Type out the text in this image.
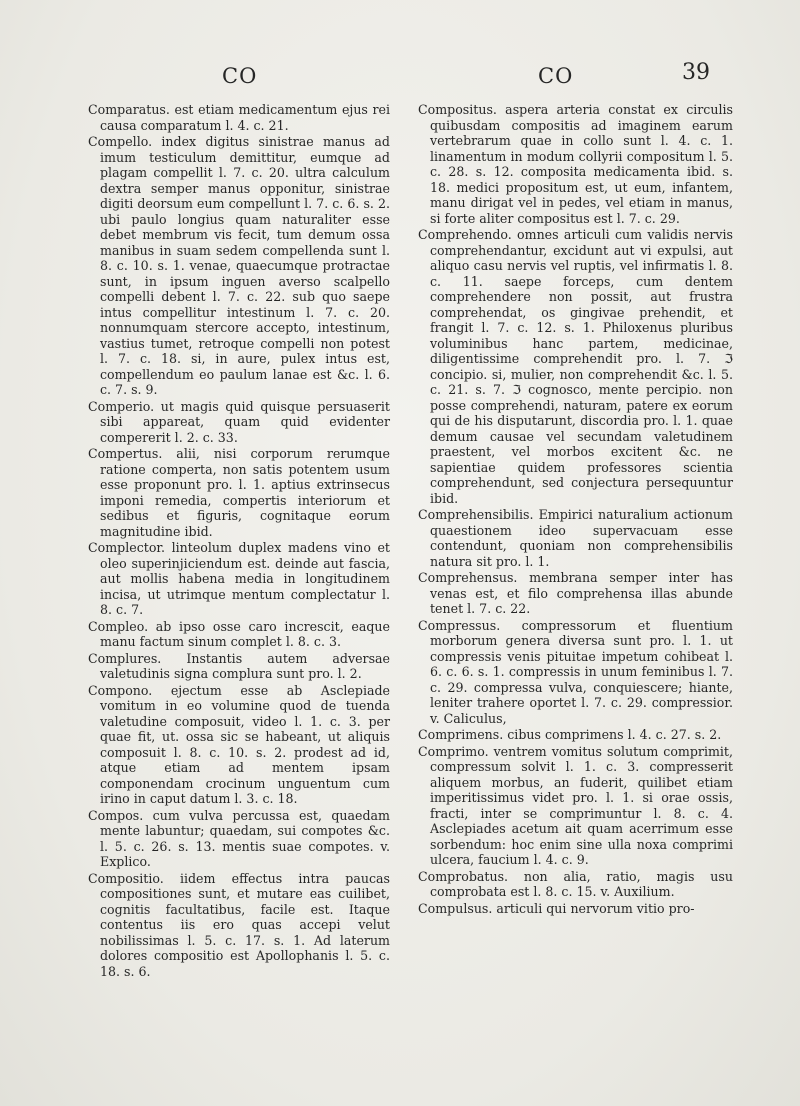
CO	CO	39

Comparatus. est etiam medicamentum ejus rei causa comparatum l. 4. c. 21.

Compello. index digitus sinistrae manus ad imum testiculum demittitur, eumque ad plagam compellit l. 7. c. 20. ultra calculum dextra semper manus opponitur, sinistrae digiti deorsum eum compellunt l. 7. c. 6. s. 2. ubi paulo longius quam naturaliter esse debet membrum vis fecit, tum demum ossa manibus in suam sedem compellenda sunt l. 8. c. 10. s. 1. venae, quaecumque protractae sunt, in ipsum inguen averso scalpello compelli debent l. 7. c. 22. sub quo saepe intus compellitur intestinum l. 7. c. 20. nonnumquam stercore accepto, intestinum, vastius tumet, retroque compelli non potest l. 7. c. 18. si, in aure, pulex intus est, compellendum eo paulum lanae est &c. l. 6. c. 7. s. 9.

Comperio. ut magis quid quisque persuaserit sibi appareat, quam quid evidenter compererit l. 2. c. 33.

Compertus. alii, nisi corporum rerumque ratione comperta, non satis potentem usum esse proponunt pro. l. 1. aptius extrinsecus imponi remedia, compertis interiorum et sedibus et figuris, cognitaque eorum magnitudine ibid.

Complector. linteolum duplex madens vino et oleo superinjiciendum est. deinde aut fascia, aut mollis habena media in longitudinem incisa, ut utrimque mentum complectatur l. 8. c. 7.

Compleo. ab ipso osse caro increscit, eaque manu factum sinum complet l. 8. c. 3.

Complures. Instantis autem adversae valetudinis signa complura sunt pro. l. 2.

Compono. ejectum esse ab Asclepiade vomitum in eo volumine quod de tuenda valetudine composuit, video l. 1. c. 3. per quae fit, ut. ossa sic se habeant, ut aliquis composuit l. 8. c. 10. s. 2. prodest ad id, atque etiam ad mentem ipsam componendam crocinum unguentum cum irino in caput datum l. 3. c. 18.

Compos. cum vulva percussa est, quaedam mente labuntur; quaedam, sui compotes &c. l. 5. c. 26. s. 13. mentis suae compotes. v. Explico.

Compositio. iidem effectus intra paucas compositiones sunt, et mutare eas cuilibet, cognitis facultatibus, facile est. Itaque contentus iis ero quas accepi velut nobilissimas l. 5. c. 17. s. 1. Ad laterum dolores compositio est Apollophanis l. 5. c. 18. s. 6.

Compositus. aspera arteria constat ex circulis quibusdam compositis ad imaginem earum vertebrarum quae in collo sunt l. 4. c. 1. linamentum in modum collyrii compositum l. 5. c. 28. s. 12. composita medicamenta ibid. s. 18. medici propositum est, ut eum, infantem, manu dirigat vel in pedes, vel etiam in manus, si forte aliter compositus est l. 7. c. 29.

Comprehendo. omnes articuli cum validis nervis comprehendantur, excidunt aut vi expulsi, aut aliquo casu nervis vel ruptis, vel infirmatis l. 8. c. 11. saepe forceps, cum dentem comprehendere non possit, aut frustra comprehendat, os gingivae prehendit, et frangit l. 7. c. 12. s. 1. Philoxenus pluribus voluminibus hanc partem, medicinae, diligentissime comprehendit pro. l. 7. ℑ concipio. si, mulier, non comprehendit &c. l. 5. c. 21. s. 7. ℑ cognosco, mente percipio. non posse comprehendi, naturam, patere ex eorum qui de his disputarunt, discordia pro. l. 1. quae demum causae vel secundam valetudinem praestent, vel morbos excitent &c. ne sapientiae quidem professores scientia comprehendunt, sed conjectura persequuntur ibid.

Comprehensibilis. Empirici naturalium actionum quaestionem ideo supervacuam esse contendunt, quoniam non comprehensibilis natura sit pro. l. 1.

Comprehensus. membrana semper inter has venas est, et filo comprehensa illas abunde tenet l. 7. c. 22.

Compressus. compressorum et fluentium morborum genera diversa sunt pro. l. 1. ut compressis venis pituitae impetum cohibeat l. 6. c. 6. s. 1. compressis in unum feminibus l. 7. c. 29. compressa vulva, conquiescere; hiante, leniter trahere oportet l. 7. c. 29. compressior. v. Caliculus,

Comprimens. cibus comprimens l. 4. c. 27. s. 2.

Comprimo. ventrem vomitus solutum comprimit, compressum solvit l. 1. c. 3. compresserit aliquem morbus, an fuderit, quilibet etiam imperitissimus videt pro. l. 1. si orae ossis, fracti, inter se comprimuntur l. 8. c. 4. Asclepiades acetum ait quam acerrimum esse sorbendum: hoc enim sine ulla noxa comprimi ulcera, faucium l. 4. c. 9.

Comprobatus. non alia, ratio, magis usu comprobata est l. 8. c. 15. v. Auxilium.

Compulsus. articuli qui nervorum vitio pro-
